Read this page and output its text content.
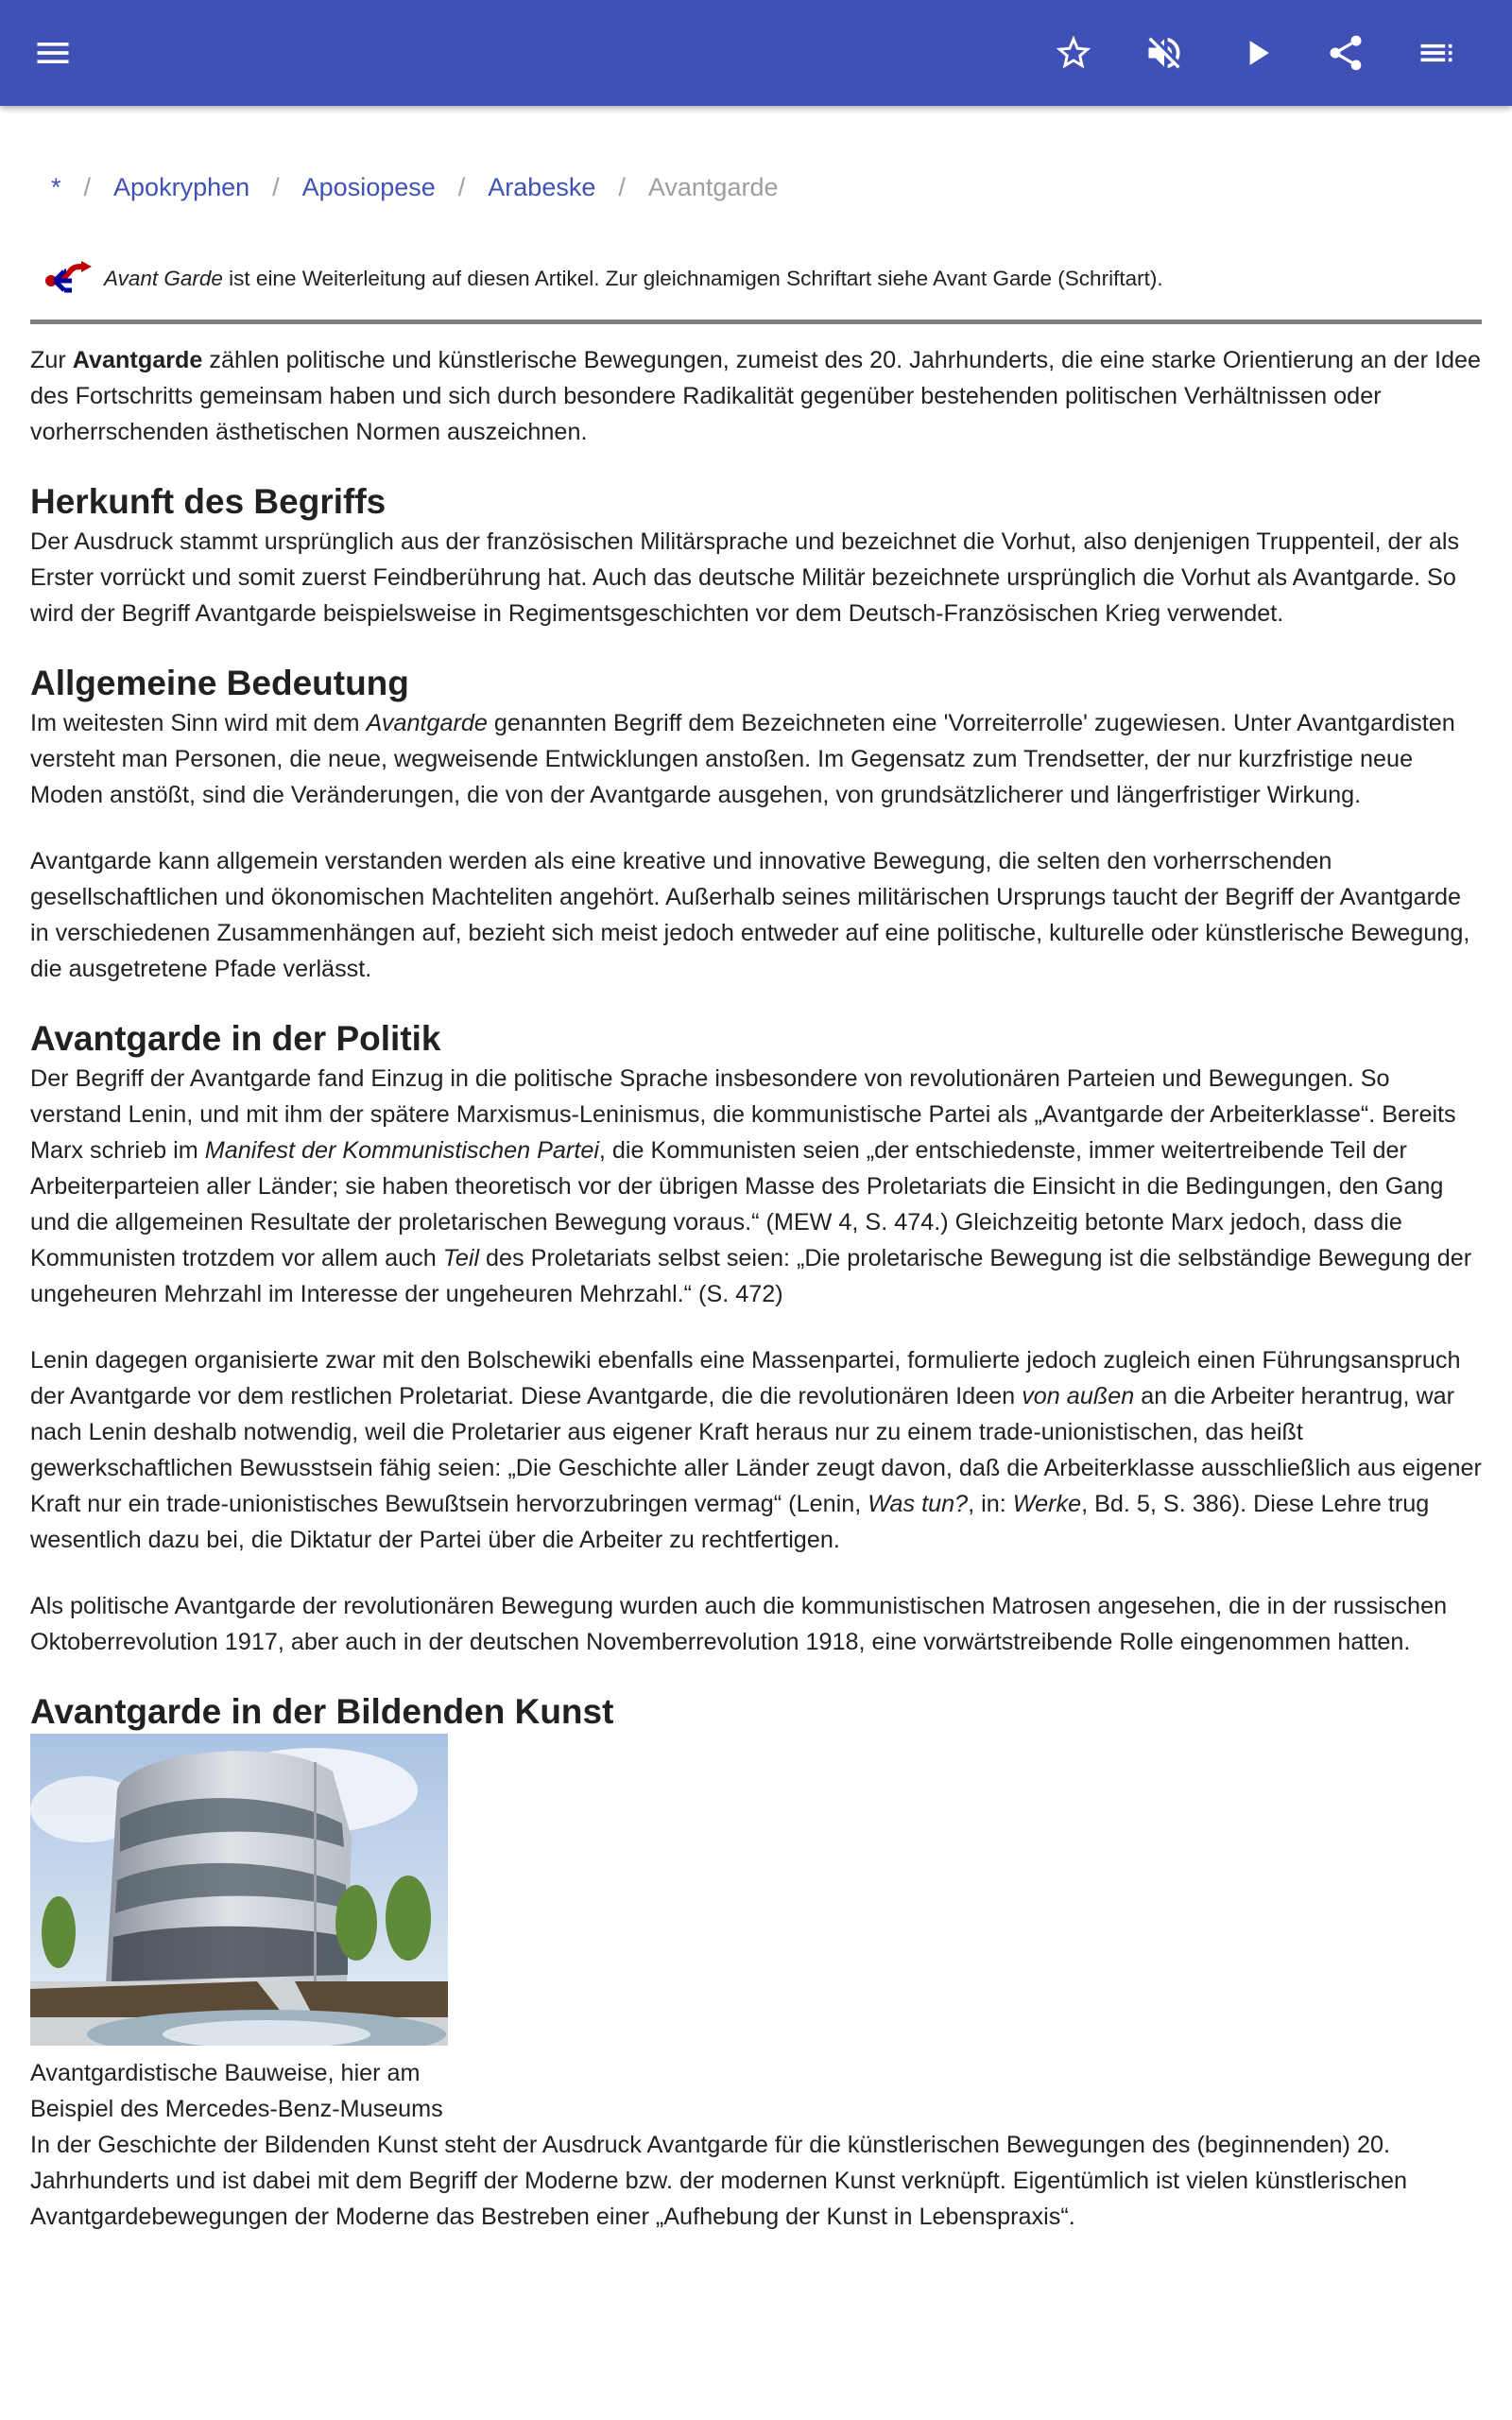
* / Apokryphen / Aposiopese / Arabeske / Avantgarde
Avant Garde ist eine Weiterleitung auf diesen Artikel. Zur gleichnamigen Schriftart siehe Avant Garde (Schriftart).

Zur Avantgarde zählen politische und künstlerische Bewegungen, zumeist des 20. Jahrhunderts, die eine starke Orientierung an der Idee des Fortschritts gemeinsam haben und sich durch besondere Radikalität gegenüber bestehenden politischen Verhältnissen oder vorherrschenden ästhetischen Normen auszeichnen.

Herkunft des Begriffs

Der Ausdruck stammt ursprünglich aus der französischen Militärsprache und bezeichnet die Vorhut, also denjenigen Truppenteil, der als Erster vorrückt und somit zuerst Feindberührung hat. Auch das deutsche Militär bezeichnete ursprünglich die Vorhut als Avantgarde. So wird der Begriff Avantgarde beispielsweise in Regimentsgeschichten vor dem Deutsch-Französischen Krieg verwendet.

Allgemeine Bedeutung

Im weitesten Sinn wird mit dem Avantgarde genannten Begriff dem Bezeichneten eine 'Vorreiterrolle' zugewiesen. Unter Avantgardisten versteht man Personen, die neue, wegweisende Entwicklungen anstoßen. Im Gegensatz zum Trendsetter, der nur kurzfristige neue Moden anstößt, sind die Veränderungen, die von der Avantgarde ausgehen, von grundsätzlicherer und längerfristiger Wirkung.

Avantgarde kann allgemein verstanden werden als eine kreative und innovative Bewegung, die selten den vorherrschenden gesellschaftlichen und ökonomischen Machteliten angehört. Außerhalb seines militärischen Ursprungs taucht der Begriff der Avantgarde in verschiedenen Zusammenhängen auf, bezieht sich meist jedoch entweder auf eine politische, kulturelle oder künstlerische Bewegung, die ausgetretene Pfade verlässt.

Avantgarde in der Politik

Der Begriff der Avantgarde fand Einzug in die politische Sprache insbesondere von revolutionären Parteien und Bewegungen. So verstand Lenin, und mit ihm der spätere Marxismus-Leninismus, die kommunistische Partei als „Avantgarde der Arbeiterklasse“. Bereits Marx schrieb im Manifest der Kommunistischen Partei, die Kommunisten seien „der entschiedenste, immer weitertreibende Teil der Arbeiterparteien aller Länder; sie haben theoretisch vor der übrigen Masse des Proletariats die Einsicht in die Bedingungen, den Gang und die allgemeinen Resultate der proletarischen Bewegung voraus.“ (MEW 4, S. 474.) Gleichzeitig betonte Marx jedoch, dass die Kommunisten trotzdem vor allem auch Teil des Proletariats selbst seien: „Die proletarische Bewegung ist die selbständige Bewegung der ungeheuren Mehrzahl im Interesse der ungeheuren Mehrzahl.“ (S. 472)

Lenin dagegen organisierte zwar mit den Bolschewiki ebenfalls eine Massenpartei, formulierte jedoch zugleich einen Führungsanspruch der Avantgarde vor dem restlichen Proletariat. Diese Avantgarde, die die revolutionären Ideen von außen an die Arbeiter herantrug, war nach Lenin deshalb notwendig, weil die Proletarier aus eigener Kraft heraus nur zu einem trade-unionistischen, das heißt gewerkschaftlichen Bewusstsein fähig seien: „Die Geschichte aller Länder zeugt davon, daß die Arbeiterklasse ausschließlich aus eigener Kraft nur ein trade-unionistisches Bewußtsein hervorzubringen vermag“ (Lenin, Was tun?, in: Werke, Bd. 5, S. 386). Diese Lehre trug wesentlich dazu bei, die Diktatur der Partei über die Arbeiter zu rechtfertigen.

Als politische Avantgarde der revolutionären Bewegung wurden auch die kommunistischen Matrosen angesehen, die in der russischen Oktoberrevolution 1917, aber auch in der deutschen Novemberrevolution 1918, eine vorwärtstreibende Rolle eingenommen hatten.

Avantgarde in der Bildenden Kunst
Avantgardistische Bauweise, hier am Beispiel des Mercedes-Benz-Museums

In der Geschichte der Bildenden Kunst steht der Ausdruck Avantgarde für die künstlerischen Bewegungen des (beginnenden) 20. Jahrhunderts und ist dabei mit dem Begriff der Moderne bzw. der modernen Kunst verknüpft. Eigentümlich ist vielen künstlerischen Avantgardebewegungen der Moderne das Bestreben einer „Aufhebung der Kunst in Lebenspraxis“.
